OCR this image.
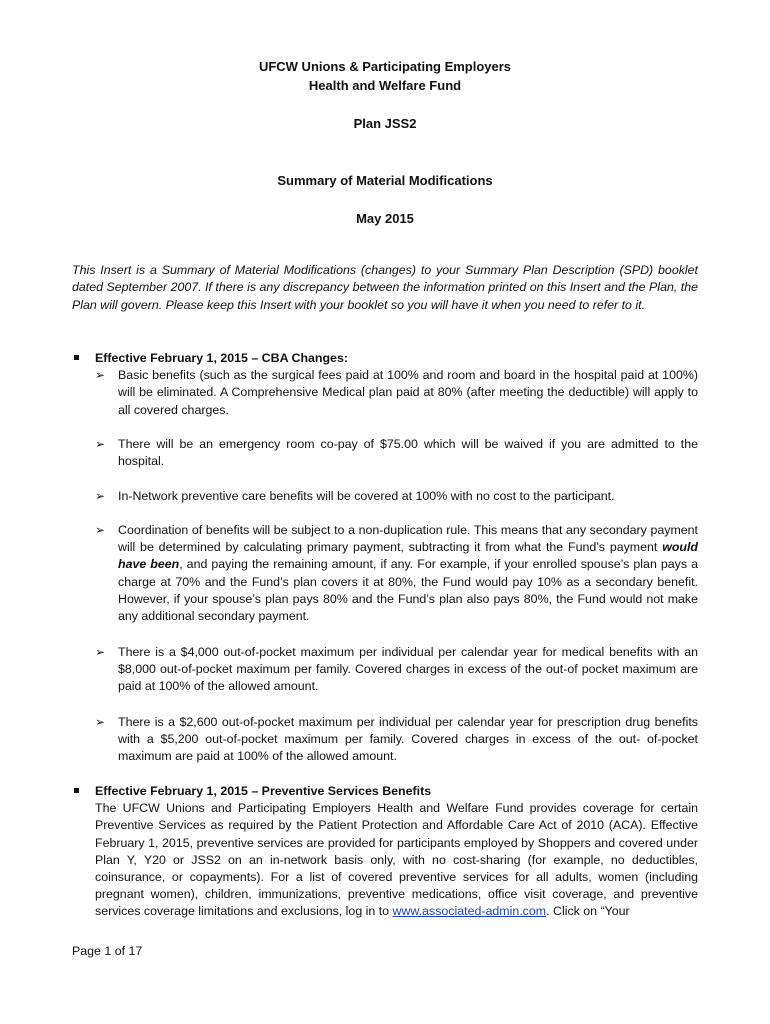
UFCW Unions & Participating Employers
Health and Welfare Fund
Plan JSS2
Summary of Material Modifications
May 2015
This Insert is a Summary of Material Modifications (changes) to your Summary Plan Description (SPD) booklet dated September 2007. If there is any discrepancy between the information printed on this Insert and the Plan, the Plan will govern. Please keep this Insert with your booklet so you will have it when you need to refer to it.
Effective February 1, 2015 – CBA Changes:
➢ Basic benefits (such as the surgical fees paid at 100% and room and board in the hospital paid at 100%) will be eliminated. A Comprehensive Medical plan paid at 80% (after meeting the deductible) will apply to all covered charges.
➢ There will be an emergency room co-pay of $75.00 which will be waived if you are admitted to the hospital.
➢ In-Network preventive care benefits will be covered at 100% with no cost to the participant.
➢ Coordination of benefits will be subject to a non-duplication rule. This means that any secondary payment will be determined by calculating primary payment, subtracting it from what the Fund’s payment would have been, and paying the remaining amount, if any. For example, if your enrolled spouse’s plan pays a charge at 70% and the Fund’s plan covers it at 80%, the Fund would pay 10% as a secondary benefit. However, if your spouse’s plan pays 80% and the Fund’s plan also pays 80%, the Fund would not make any additional secondary payment.
➢ There is a $4,000 out-of-pocket maximum per individual per calendar year for medical benefits with an $8,000 out-of-pocket maximum per family. Covered charges in excess of the out-of pocket maximum are paid at 100% of the allowed amount.
➢ There is a $2,600 out-of-pocket maximum per individual per calendar year for prescription drug benefits with a $5,200 out-of-pocket maximum per family. Covered charges in excess of the out- of-pocket maximum are paid at 100% of the allowed amount.
Effective February 1, 2015 – Preventive Services Benefits
The UFCW Unions and Participating Employers Health and Welfare Fund provides coverage for certain Preventive Services as required by the Patient Protection and Affordable Care Act of 2010 (ACA). Effective February 1, 2015, preventive services are provided for participants employed by Shoppers and covered under Plan Y, Y20 or JSS2 on an in-network basis only, with no cost-sharing (for example, no deductibles, coinsurance, or copayments). For a list of covered preventive services for all adults, women (including pregnant women), children, immunizations, preventive medications, office visit coverage, and preventive services coverage limitations and exclusions, log in to www.associated-admin.com. Click on “Your
Page 1 of 17
